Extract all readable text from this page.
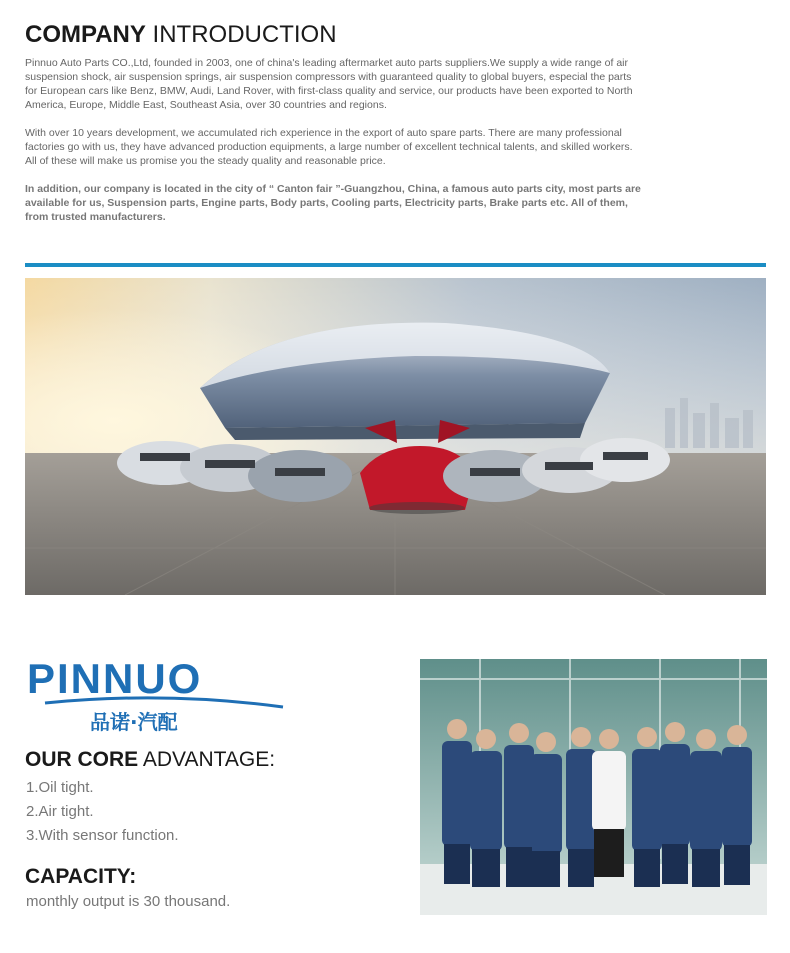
COMPANY INTRODUCTION

Pinnuo Auto Parts CO.,Ltd, founded in 2003, one of china's leading aftermarket auto parts suppliers.We supply a wide range of air suspension shock, air suspension springs, air suspension compressors with guaranteed quality to global buyers, especial the parts for European cars like Benz, BMW, Audi, Land Rover, with first-class quality and service, our products have been exported to North America, Europe, Middle East, Southeast Asia, over 30 countries and regions.

With over 10 years development, we accumulated rich experience in the export of auto spare parts. There are many professional factories go with us, they have advanced production equipments, a large number of excellent technical talents, and skilled workers. All of these will make us promise you the steady quality and reasonable price.

In addition, our company is located in the city of “ Canton fair ”-Guangzhou, China, a famous auto parts city, most parts are available for us, Suspension parts, Engine parts, Body parts, Cooling parts, Electricity parts, Brake parts etc. All of them, from trusted manufacturers.

PINNUO
品诺·汽配
OUR CORE ADVANTAGE:
1.Oil tight.
2.Air tight.
3.With sensor function.
CAPACITY:
monthly output is 30 thousand.
